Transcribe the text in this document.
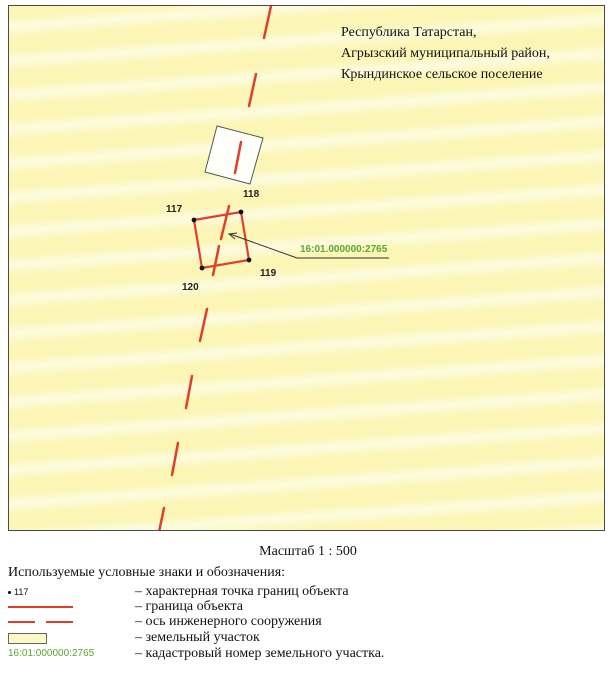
117
118
119
120
16:01.000000:2765
Республика Татарстан,
Агрызский муниципальный район,
Крындинское сельское поселение
Масштаб 1 : 500
Используемые условные знаки и обозначения:
117	– характерная точка границ объекта
– граница объекта
– ось инженерного сооружения
– земельный участок
16:01:000000:2765	– кадастровый номер земельного участка.
